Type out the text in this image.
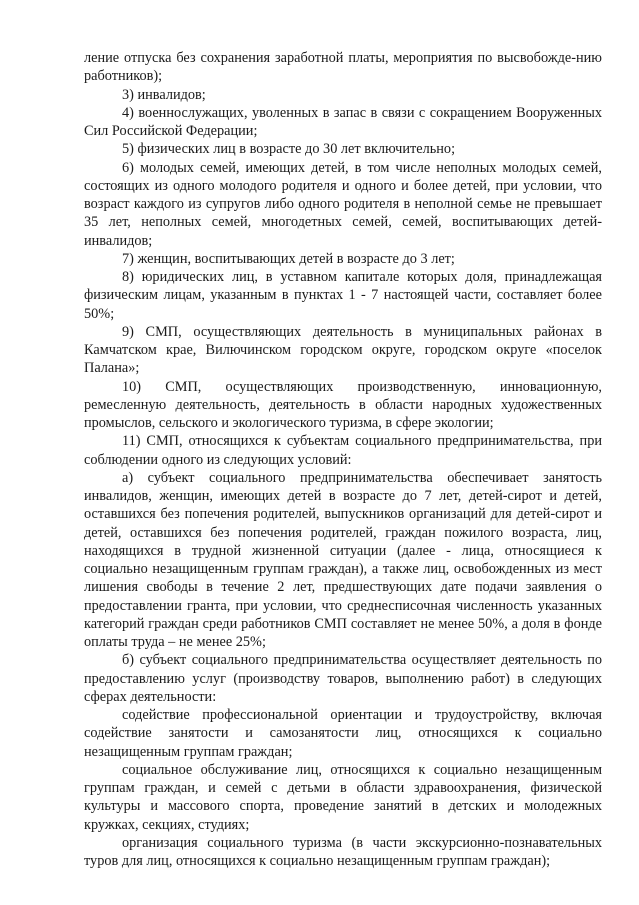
ление отпуска без сохранения заработной платы, мероприятия по высвобожде-нию работников);

3) инвалидов;

4) военнослужащих, уволенных в запас в связи с сокращением Вооруженных Сил Российской Федерации;

5) физических лиц в возрасте до 30 лет включительно;

6) молодых семей, имеющих детей, в том числе неполных молодых семей, состоящих из одного молодого родителя и одного и более детей, при условии, что возраст каждого из супругов либо одного родителя в неполной семье не превышает 35 лет, неполных семей, многодетных семей, семей, воспитывающих детей-инвалидов;

7) женщин, воспитывающих детей в возрасте до 3 лет;

8) юридических лиц, в уставном капитале которых доля, принадлежащая физическим лицам, указанным в пунктах 1 - 7 настоящей части, составляет более 50%;

9) СМП, осуществляющих деятельность в муниципальных районах в Камчатском крае, Вилючинском городском округе, городском округе «поселок Палана»;

10) СМП, осуществляющих производственную, инновационную, ремесленную деятельность, деятельность в области народных художественных промыслов, сельского и экологического туризма, в сфере экологии;

11) СМП, относящихся к субъектам социального предпринимательства, при соблюдении одного из следующих условий:

а) субъект социального предпринимательства обеспечивает занятость инвалидов, женщин, имеющих детей в возрасте до 7 лет, детей-сирот и детей, оставшихся без попечения родителей, выпускников организаций для детей-сирот и детей, оставшихся без попечения родителей, граждан пожилого возраста, лиц, находящихся в трудной жизненной ситуации (далее - лица, относящиеся к социально незащищенным группам граждан), а также лиц, освобожденных из мест лишения свободы в течение 2 лет, предшествующих дате подачи заявления о предоставлении гранта, при условии, что среднесписочная численность указанных категорий граждан среди работников СМП составляет не менее 50%, а доля в фонде оплаты труда – не менее 25%;

б) субъект социального предпринимательства осуществляет деятельность по предоставлению услуг (производству товаров, выполнению работ) в следующих сферах деятельности:

содействие профессиональной ориентации и трудоустройству, включая содействие занятости и самозанятости лиц, относящихся к социально незащищенным группам граждан;

социальное обслуживание лиц, относящихся к социально незащищенным группам граждан, и семей с детьми в области здравоохранения, физической культуры и массового спорта, проведение занятий в детских и молодежных кружках, секциях, студиях;

организация социального туризма (в части экскурсионно-познавательных туров для лиц, относящихся к социально незащищенным группам граждан);
